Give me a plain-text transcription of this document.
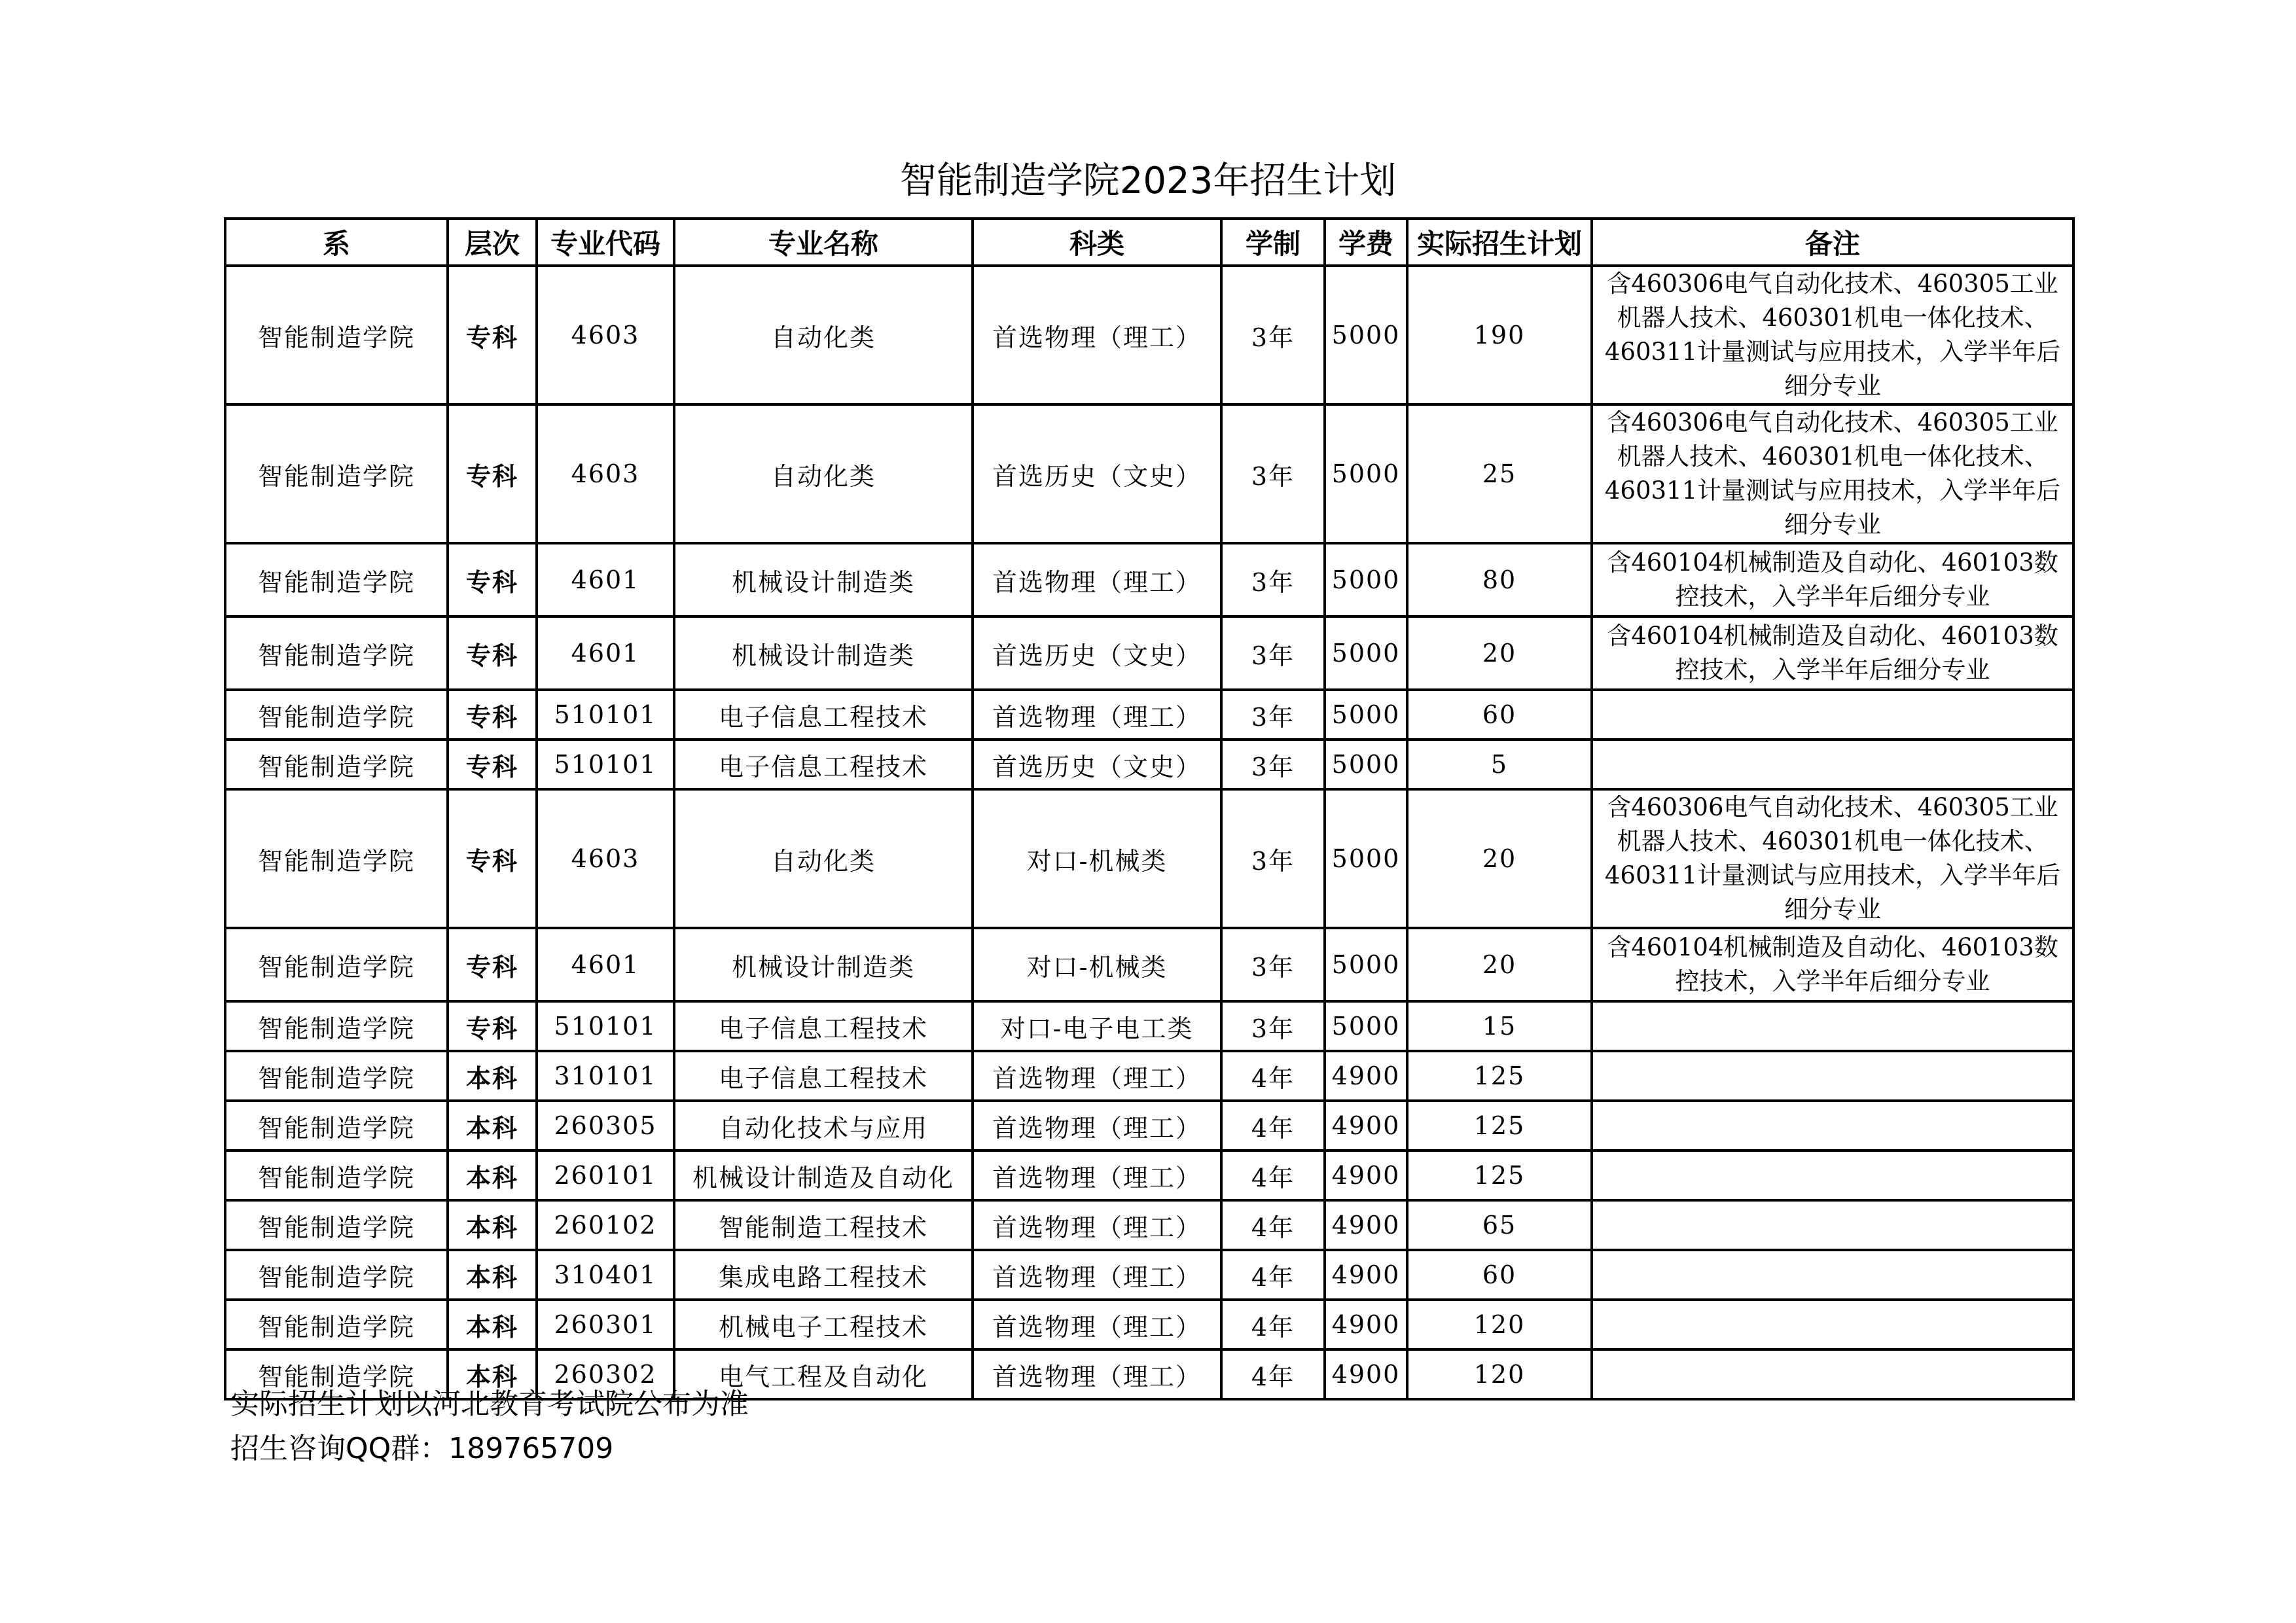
智能制造学院2023年招生计划
系	层次	专业代码	专业名称	科类	学制	学费	实际招生计划	备注
智能制造学院	专科	4603	自动化类	首选物理（理工）	3年	5000	190	含460306电气自动化技术、460305工业机器人技术、460301机电一体化技术、460311计量测试与应用技术，入学半年后细分专业
智能制造学院	专科	4603	自动化类	首选历史（文史）	3年	5000	25	含460306电气自动化技术、460305工业机器人技术、460301机电一体化技术、460311计量测试与应用技术，入学半年后细分专业
智能制造学院	专科	4601	机械设计制造类	首选物理（理工）	3年	5000	80	含460104机械制造及自动化、460103数控技术，入学半年后细分专业
智能制造学院	专科	4601	机械设计制造类	首选历史（文史）	3年	5000	20	含460104机械制造及自动化、460103数控技术，入学半年后细分专业
智能制造学院	专科	510101	电子信息工程技术	首选物理（理工）	3年	5000	60	
智能制造学院	专科	510101	电子信息工程技术	首选历史（文史）	3年	5000	5	
智能制造学院	专科	4603	自动化类	对口-机械类	3年	5000	20	含460306电气自动化技术、460305工业机器人技术、460301机电一体化技术、460311计量测试与应用技术，入学半年后细分专业
智能制造学院	专科	4601	机械设计制造类	对口-机械类	3年	5000	20	含460104机械制造及自动化、460103数控技术，入学半年后细分专业
智能制造学院	专科	510101	电子信息工程技术	对口-电子电工类	3年	5000	15	
智能制造学院	本科	310101	电子信息工程技术	首选物理（理工）	4年	4900	125	
智能制造学院	本科	260305	自动化技术与应用	首选物理（理工）	4年	4900	125	
智能制造学院	本科	260101	机械设计制造及自动化	首选物理（理工）	4年	4900	125	
智能制造学院	本科	260102	智能制造工程技术	首选物理（理工）	4年	4900	65	
智能制造学院	本科	310401	集成电路工程技术	首选物理（理工）	4年	4900	60	
智能制造学院	本科	260301	机械电子工程技术	首选物理（理工）	4年	4900	120	
智能制造学院	本科	260302	电气工程及自动化	首选物理（理工）	4年	4900	120	

实际招生计划以河北教育考试院公布为准

招生咨询QQ群：189765709
